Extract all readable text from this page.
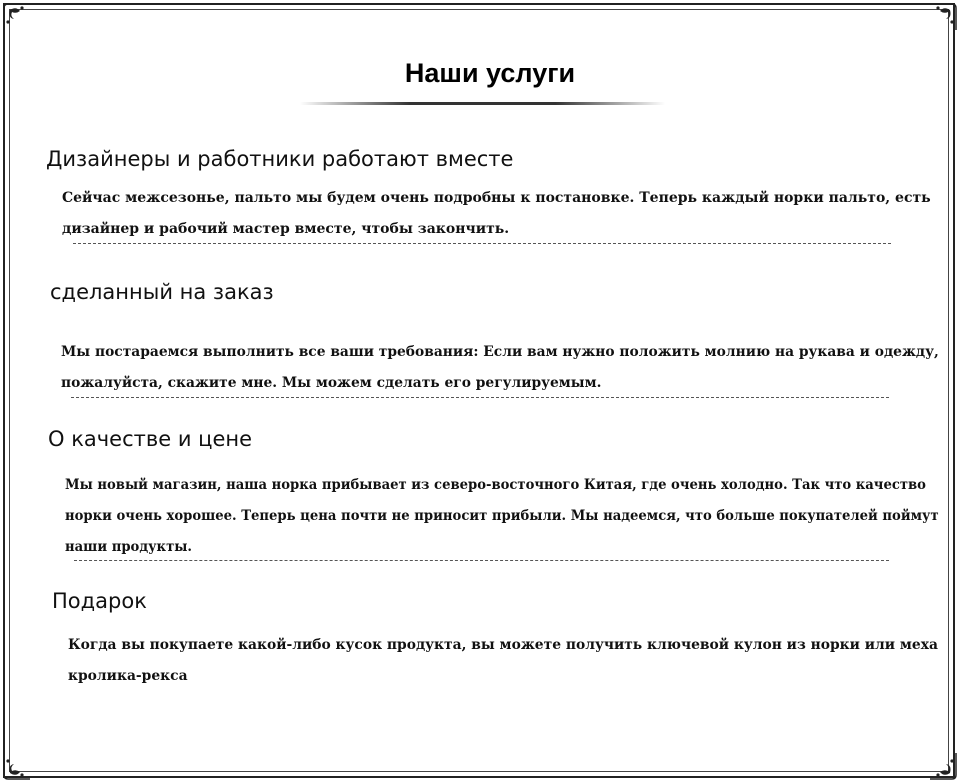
Наши услуги
Дизайнеры и работники работают вместе
Сейчас межсезонье, пальто мы будем очень подробны к постановке. Теперь каждый норки пальто, есть
дизайнер и рабочий мастер вместе, чтобы закончить.
сделанный на заказ
Мы постараемся выполнить все ваши требования: Если вам нужно положить молнию на рукава и одежду,
пожалуйста, скажите мне. Мы можем сделать его регулируемым.
О качестве и цене
Мы новый магазин, наша норка прибывает из северо-восточного Китая, где очень холодно. Так что качество
норки очень хорошее. Теперь цена почти не приносит прибыли. Мы надеемся, что больше покупателей поймут
наши продукты.
Подарок
Когда вы покупаете какой-либо кусок продукта, вы можете получить ключевой кулон из норки или меха
кролика-рекса
